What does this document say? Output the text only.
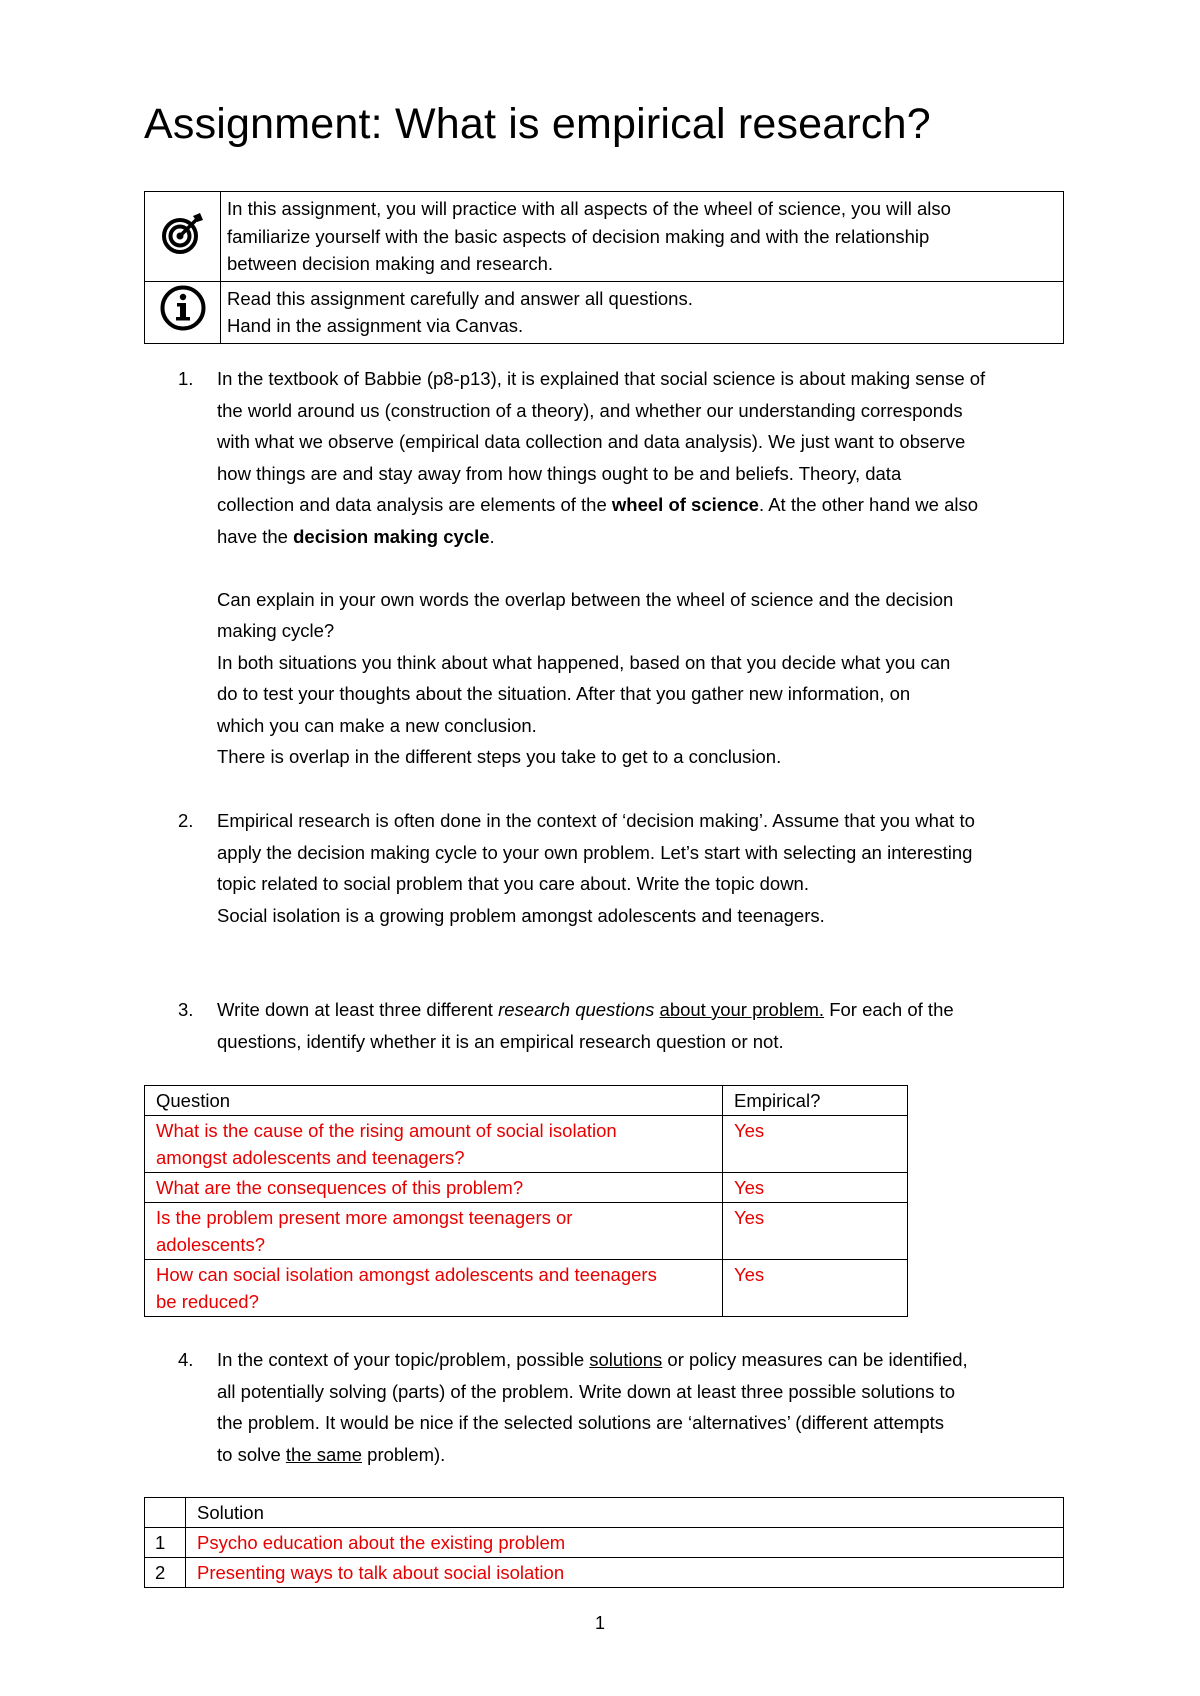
Assignment: What is empirical research?

In this assignment, you will practice with all aspects of the wheel of science, you will also
familiarize yourself with the basic aspects of decision making and with the relationship
between decision making and research.

Read this assignment carefully and answer all questions.
Hand in the assignment via Canvas.
1. In the textbook of Babbie (p8-p13), it is explained that social science is about making sense of
the world around us (construction of a theory), and whether our understanding corresponds
with what we observe (empirical data collection and data analysis). We just want to observe
how things are and stay away from how things ought to be and beliefs. Theory, data
collection and data analysis are elements of the wheel of science. At the other hand we also
have the decision making cycle.
Can explain in your own words the overlap between the wheel of science and the decision
making cycle?
In both situations you think about what happened, based on that you decide what you can
do to test your thoughts about the situation. After that you gather new information, on
which you can make a new conclusion.
There is overlap in the different steps you take to get to a conclusion.
2. Empirical research is often done in the context of ‘decision making’. Assume that you what to
apply the decision making cycle to your own problem. Let’s start with selecting an interesting
topic related to social problem that you care about. Write the topic down.
Social isolation is a growing problem amongst adolescents and teenagers.
3. Write down at least three different research questions about your problem. For each of the
questions, identify whether it is an empirical research question or not.
Question	Empirical?

What is the cause of the rising amount of social isolation
amongst adolescents and teenagers?	Yes

What are the consequences of this problem?	Yes

Is the problem present more amongst teenagers or
adolescents?	Yes

How can social isolation amongst adolescents and teenagers
be reduced?	Yes
4. In the context of your topic/problem, possible solutions or policy measures can be identified,
all potentially solving (parts) of the problem. Write down at least three possible solutions to
the problem. It would be nice if the selected solutions are ‘alternatives’ (different attempts
to solve the same problem).
	Solution
1	Psycho education about the existing problem
2	Presenting ways to talk about social isolation
1
